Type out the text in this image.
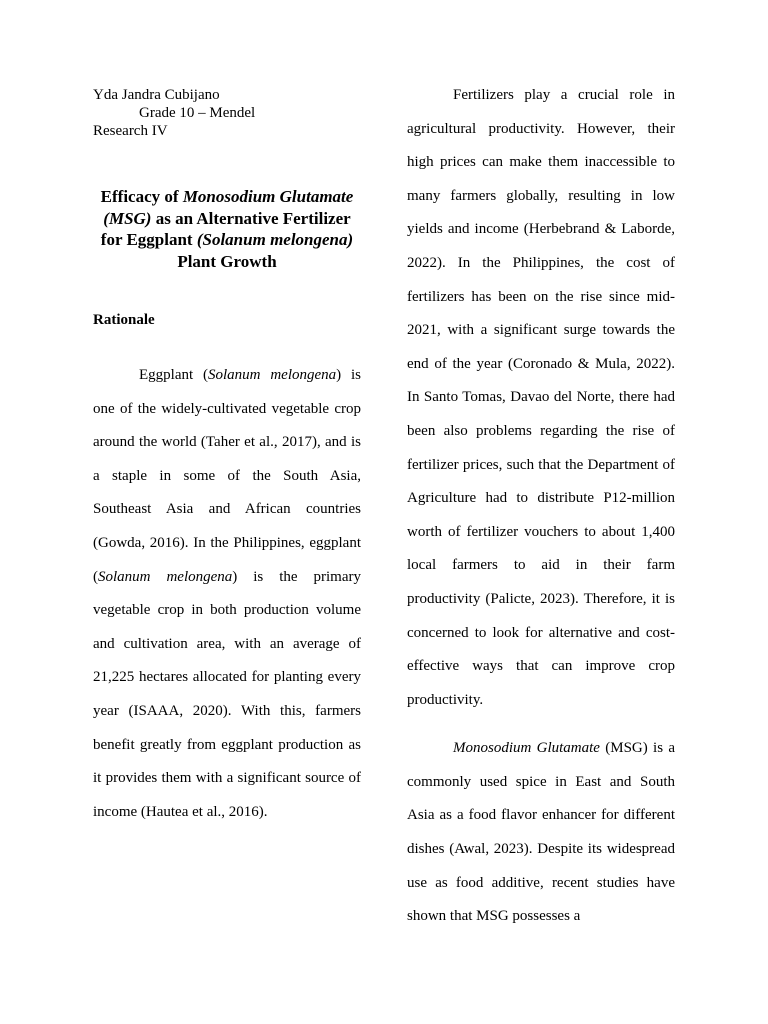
Yda Jandra Cubijano

Grade 10 – Mendel

Research IV

Efficacy of Monosodium Glutamate (MSG) as an Alternative Fertilizer for Eggplant (Solanum melongena) Plant Growth
Rationale

Eggplant (Solanum melongena) is one of the widely-cultivated vegetable crop around the world (Taher et al., 2017), and is a staple in some of the South Asia, Southeast Asia and African countries (Gowda, 2016). In the Philippines, eggplant (Solanum melongena) is the primary vegetable crop in both production volume and cultivation area, with an average of 21,225 hectares allocated for planting every year (ISAAA, 2020). With this, farmers benefit greatly from eggplant production as it provides them with a significant source of income (Hautea et al., 2016).

Fertilizers play a crucial role in agricultural productivity. However, their high prices can make them inaccessible to many farmers globally, resulting in low yields and income (Herbebrand & Laborde, 2022). In the Philippines, the cost of fertilizers has been on the rise since mid-2021, with a significant surge towards the end of the year (Coronado & Mula, 2022). In Santo Tomas, Davao del Norte, there had been also problems regarding the rise of fertilizer prices, such that the Department of Agriculture had to distribute P12-million worth of fertilizer vouchers to about 1,400 local farmers to aid in their farm productivity (Palicte, 2023). Therefore, it is concerned to look for alternative and cost-effective ways that can improve crop productivity.

Monosodium Glutamate (MSG) is a commonly used spice in East and South Asia as a food flavor enhancer for different dishes (Awal, 2023). Despite its widespread use as food additive, recent studies have shown that MSG possesses a
